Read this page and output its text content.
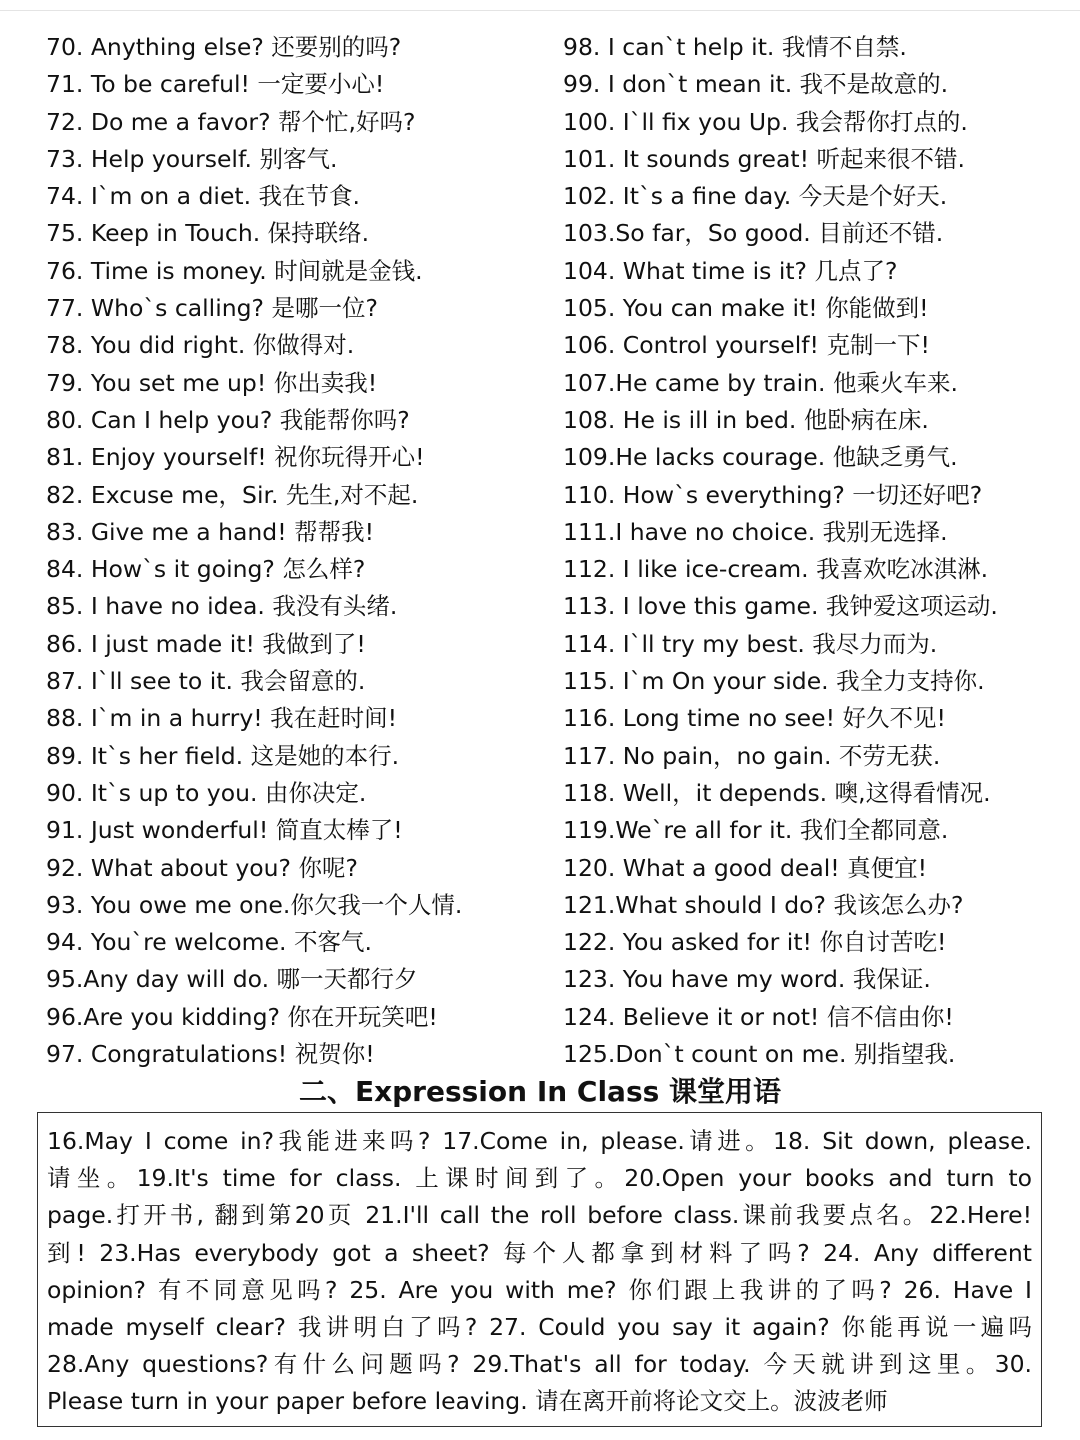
70. Anything else? 还要别的吗?
71. To be careful! 一定要小心!
72. Do me a favor? 帮个忙,好吗?
73. Help yourself. 别客气.
74. I`m on a diet. 我在节食.
75. Keep in Touch. 保持联络.
76. Time is money. 时间就是金钱.
77. Who`s calling? 是哪一位?
78. You did right. 你做得对.
79. You set me up! 你出卖我!
80. Can I help you? 我能帮你吗?
81. Enjoy yourself! 祝你玩得开心!
82. Excuse me，Sir. 先生,对不起.
83. Give me a hand! 帮帮我!
84. How`s it going? 怎么样?
85. I have no idea. 我没有头绪.
86. I just made it! 我做到了!
87. I`ll see to it. 我会留意的.
88. I`m in a hurry! 我在赶时间!
89. It`s her field. 这是她的本行.
90. It`s up to you. 由你决定.
91. Just wonderful! 简直太棒了!
92. What about you? 你呢?
93. You owe me one.你欠我一个人情.
94. You`re welcome. 不客气.
95.Any day will do. 哪一天都行夕
96.Are you kidding? 你在开玩笑吧!
97. Congratulations! 祝贺你!
98. I can`t help it. 我情不自禁.
99. I don`t mean it. 我不是故意的.
100. I`ll fix you Up. 我会帮你打点的.
101. It sounds great! 听起来很不错.
102. It`s a fine day. 今天是个好天.
103.So far，So good. 目前还不错.
104. What time is it? 几点了?
105. You can make it! 你能做到!
106. Control yourself! 克制一下!
107.He came by train. 他乘火车来.
108. He is ill in bed. 他卧病在床.
109.He lacks courage. 他缺乏勇气.
110. How`s everything? 一切还好吧?
111.I have no choice. 我别无选择.
112. I like ice-cream. 我喜欢吃冰淇淋.
113. I love this game. 我钟爱这项运动.
114. I`ll try my best. 我尽力而为.
115. I`m On your side. 我全力支持你.
116. Long time no see! 好久不见!
117. No pain，no gain. 不劳无获.
118. Well，it depends. 噢,这得看情况.
119.We`re all for it. 我们全都同意.
120. What a good deal! 真便宜!
121.What should I do? 我该怎么办?
122. You asked for it! 你自讨苦吃!
123. You have my word. 我保证.
124. Believe it or not! 信不信由你!
125.Don`t count on me. 别指望我.
二、Expression In Class 课堂用语

16.May I come in?我能进来吗? 17.Come in, please.请进。18. Sit down, please.

请坐。19.It's time for class. 上课时间到了。20.Open your books and turn to

page.打开书, 翻到第20页 21.I'll call the roll before class.课前我要点名。22.Here!

到! 23.Has everybody got a sheet? 每个人都拿到材料了吗? 24. Any different

opinion? 有不同意见吗? 25. Are you with me? 你们跟上我讲的了吗? 26. Have I

made myself clear? 我讲明白了吗? 27. Could you say it again? 你能再说一遍吗

28.Any questions?有什么问题吗? 29.That's all for today. 今天就讲到这里。30.

Please turn in your paper before leaving. 请在离开前将论文交上。波波老师
